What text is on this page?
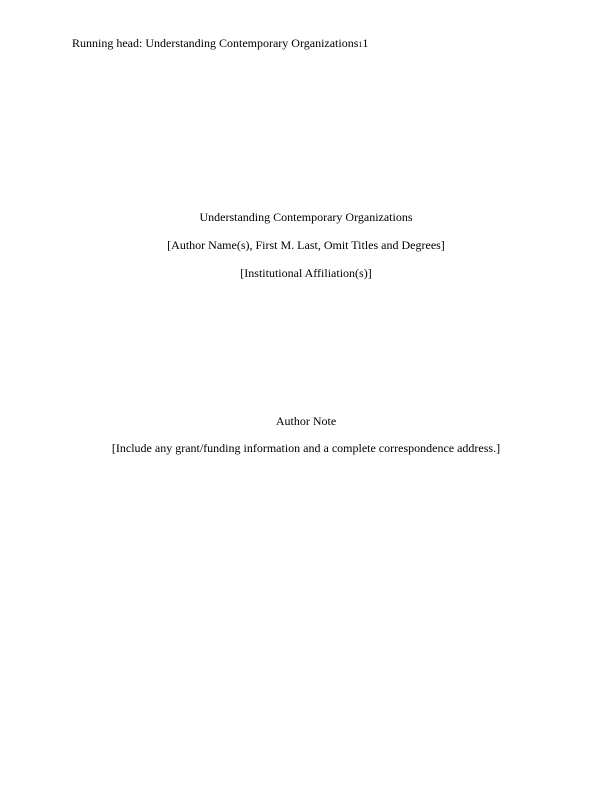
Running head: Understanding Contemporary Organizations11
Understanding Contemporary Organizations
[Author Name(s), First M. Last, Omit Titles and Degrees]
[Institutional Affiliation(s)]
Author Note
[Include any grant/funding information and a complete correspondence address.]
